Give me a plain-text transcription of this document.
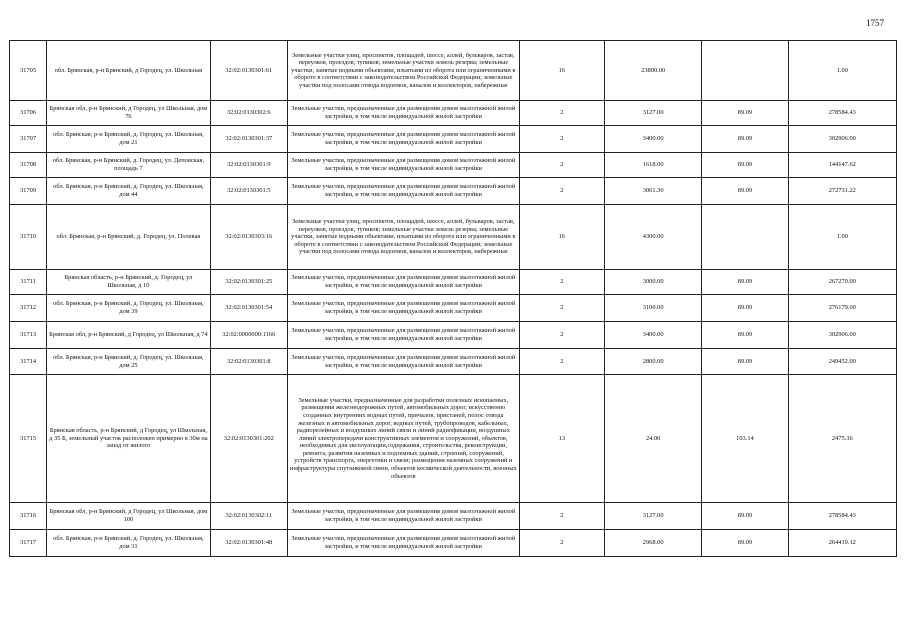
1757
31705	обл. Брянская, р-н Брянский, д Городец, ул. Школьная	32:02:0130301:61	Земельные участки улиц, проспектов, площадей, шоссе, аллей, бульваров, застав, переулков, проездов, тупиков; земельные участки земель резерва; земельные участки, занятые водными объектами, изъятыми из оборота или ограниченными в обороте в соответствии с законодательством Российской Федерации; земельные участки под полосами отвода водоемов, каналов и коллекторов, набережные	16	23800.00		1.00
31706	Брянская обл, р-н Брянский, д Городец, ул Школьная, дом 76	32:02:0130302:6	Земельные участки, предназначенные для размещения домов малоэтажной жилой застройки, в том числе индивидуальной жилой застройки	2	3127.00	89.09	278584.43
31707	обл. Брянская, р-н Брянский, д. Городец, ул. Школьная, дом 21	32:02:0130301:37	Земельные участки, предназначенные для размещения домов малоэтажной жилой застройки, в том числе индивидуальной жилой застройки	2	3400.00	89.09	302906.00
31708	обл. Брянская, р-н Брянский, д. Городец, ул. Деповская, площадь 7	32:02:0130301:9	Земельные участки, предназначенные для размещения домов малоэтажной жилой застройки, в том числе индивидуальной жилой застройки	2	1618.00	89.09	144147.62
31709	обл. Брянская, р-н Брянский, д. Городец, ул. Школьная, дом 44	32:02:0130301:5	Земельные участки, предназначенные для размещения домов малоэтажной жилой застройки, в том числе индивидуальной жилой застройки	2	3061.30	89.09	272731.22
31710	обл. Брянская, р-н Брянский, д. Городец, ул. Полевая	32:02:0130303:16	Земельные участки улиц, проспектов, площадей, шоссе, аллей, бульваров, застав, переулков, проездов, тупиков; земельные участки земель резерва; земельные участки, занятые водными объектами, изъятыми из оборота или ограниченными в обороте в соответствии с законодательством Российской Федерации; земельные участки под полосами отвода водоемов, каналов и коллекторов, набережные	16	4300.00		1.00
31711	Брянская область, р-н Брянский, д. Городец, ул Школьная, д 10	32:02:0130301:25	Земельные участки, предназначенные для размещения домов малоэтажной жилой застройки, в том числе индивидуальной жилой застройки	2	3000.00	89.09	267270.00
31712	обл. Брянская, р-н Брянский, д. Городец, ул. Школьная, дом 39	32:02:0130301:54	Земельные участки, предназначенные для размещения домов малоэтажной жилой застройки, в том числе индивидуальной жилой застройки	2	3100.00	89.09	276179.00
31713	Брянская обл, р-н Брянский, д Городец, ул Школьная, д 74	32:02:0000000:1166	Земельные участки, предназначенные для размещения домов малоэтажной жилой застройки, в том числе индивидуальной жилой застройки	2	3400.00	89.09	302906.00
31714	обл. Брянская, р-н Брянский, д. Городец, ул. Школьная, дом 25	32:02:0130301:8	Земельные участки, предназначенные для размещения домов малоэтажной жилой застройки, в том числе индивидуальной жилой застройки	2	2800.00	89.09	249452.00
31715	Брянская область, р-н Брянский, д Городец, ул Школьная, д 35 Б, земельный участок расположен примерно в 30м на запад от жилого	32:02:0130301:202	Земельные участки, предназначенные для разработки полезных ископаемых, размещения железнодорожных путей, автомобильных дорог, искусственно созданных внутренних водных путей, причалов, пристаней, полос отвода железных и автомобильных дорог, водных путей, трубопроводов, кабельных, радиорелейных и воздушных линий связи и линий радиофикации, воздушных линий электропередачи конструктивных элементов и сооружений, объектов, необходимых для эксплуатации,содержания, строительства, реконструкции, ремонта, развития наземных и подземных зданий, строений, сооружений, устройств транспорта, энергетики и связи; размещения наземных сооружений и инфраструктуры спутниковой связи, объектов космической деятельности, военных объектов	13	24.00	103.14	2475.36
31716	Брянская обл, р-н Брянский, д Городец, ул Школьная, дом 100	32:02:0130302:11	Земельные участки, предназначенные для размещения домов малоэтажной жилой застройки, в том числе индивидуальной жилой застройки	2	3127.00	89.09	278584.43
31717	обл. Брянская, р-н Брянский, д. Городец, ул. Школьная, дом 31	32:02:0130301:48	Земельные участки, предназначенные для размещения домов малоэтажной жилой застройки, в том числе индивидуальной жилой застройки	2	2968.00	89.09	264419.12
